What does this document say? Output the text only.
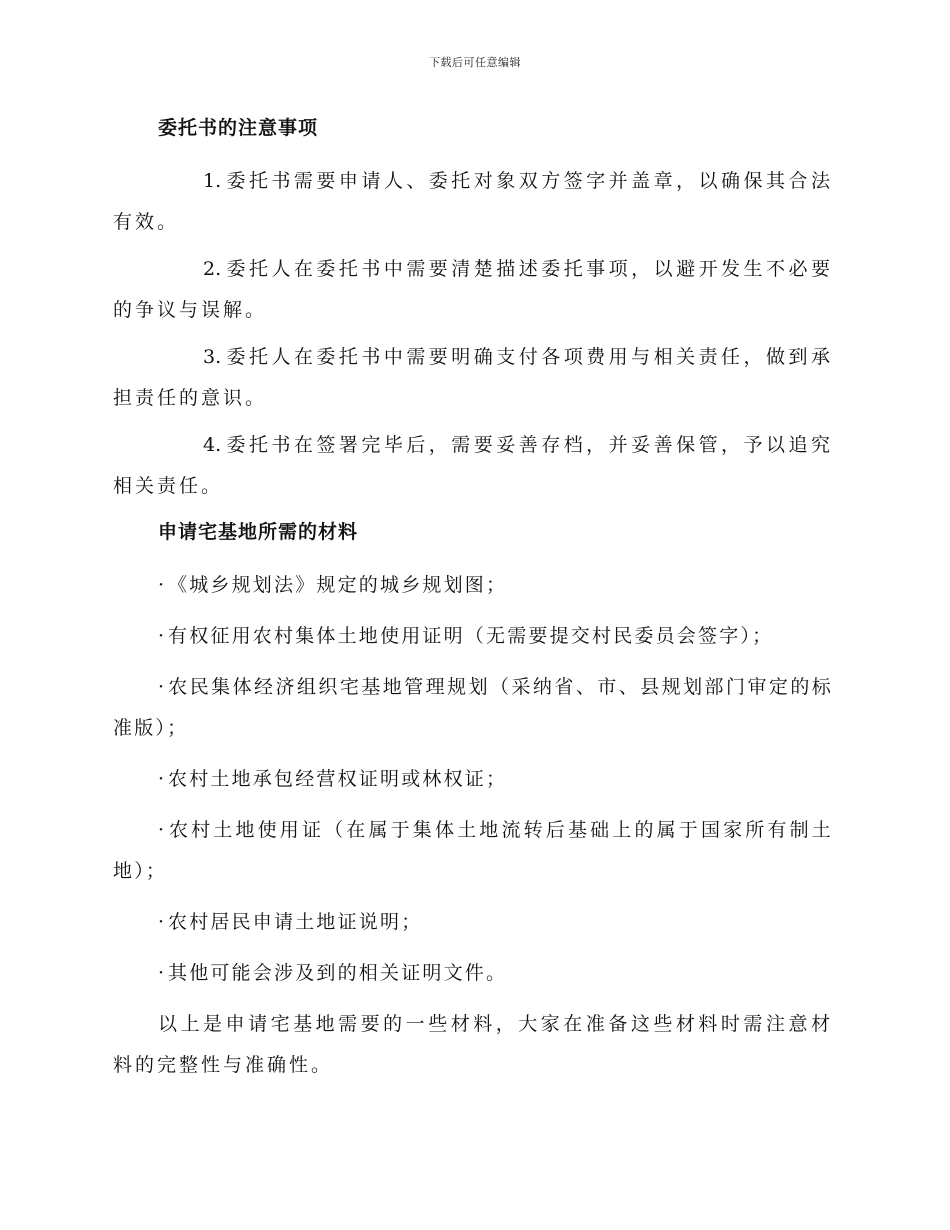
下载后可任意编辑
委托书的注意事项

1. 委托书需要申请人、委托对象双方签字并盖章，以确保其合法有效。

2. 委托人在委托书中需要清楚描述委托事项，以避开发生不必要的争议与误解。

3. 委托人在委托书中需要明确支付各项费用与相关责任，做到承担责任的意识。

4. 委托书在签署完毕后，需要妥善存档，并妥善保管，予以追究相关责任。

申请宅基地所需的材料

·《城乡规划法》规定的城乡规划图；

·有权征用农村集体土地使用证明（无需要提交村民委员会签字）；

·农民集体经济组织宅基地管理规划（采纳省、市、县规划部门审定的标准版）；

·农村土地承包经营权证明或林权证；

·农村土地使用证（在属于集体土地流转后基础上的属于国家所有制土地）；

·农村居民申请土地证说明；

·其他可能会涉及到的相关证明文件。

以上是申请宅基地需要的一些材料，大家在准备这些材料时需注意材料的完整性与准确性。
